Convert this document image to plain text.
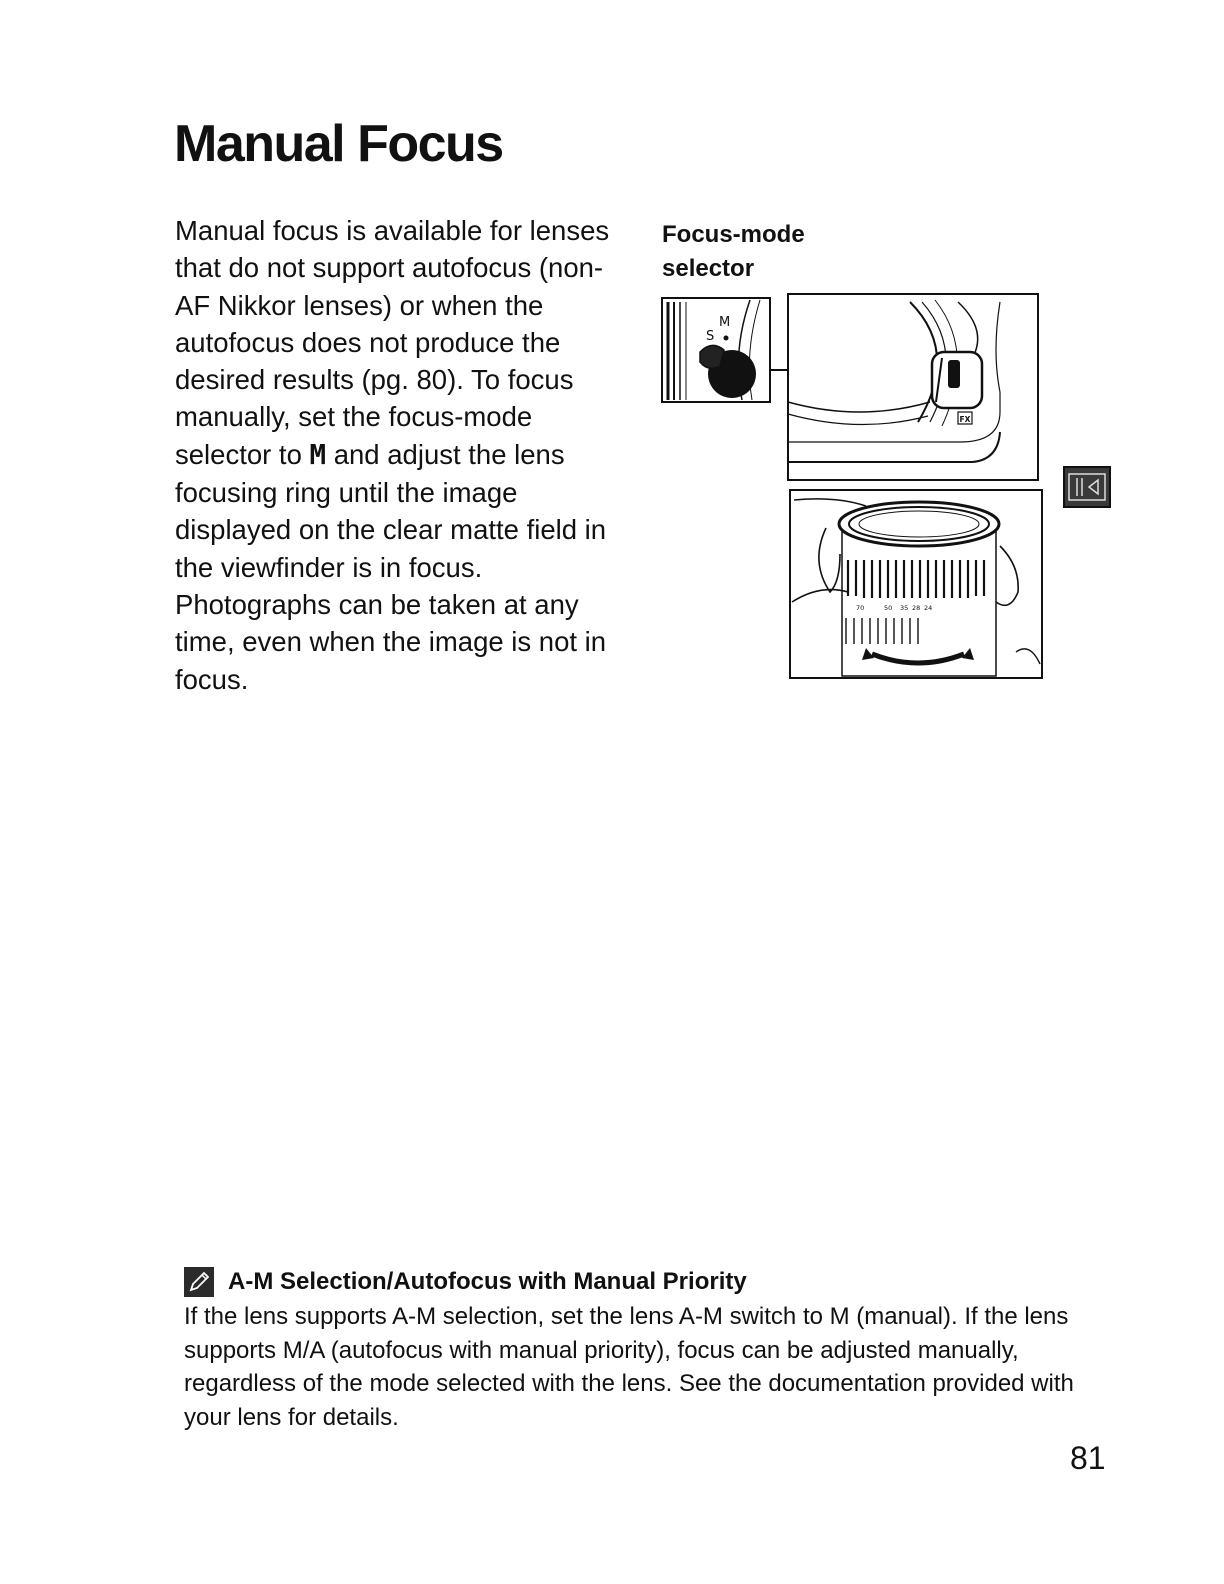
Manual Focus

Manual focus is available for lenses that do not support autofocus (non-AF Nikkor lenses) or when the autofocus does not produce the desired results (pg. 80). To focus manually, set the focus-mode selector to M and adjust the lens focusing ring until the image displayed on the clear matte field in the viewfinder is in focus. Photographs can be taken at any time, even when the image is not in focus.

Focus-mode selector

S
M
FX
70	50 35 28 24

A-M Selection/Autofocus with Manual Priority

If the lens supports A-M selection, set the lens A-M switch to M (manual). If the lens supports M/A (autofocus with manual priority), focus can be adjusted manually, regardless of the mode selected with the lens. See the documentation provided with your lens for details.

81
